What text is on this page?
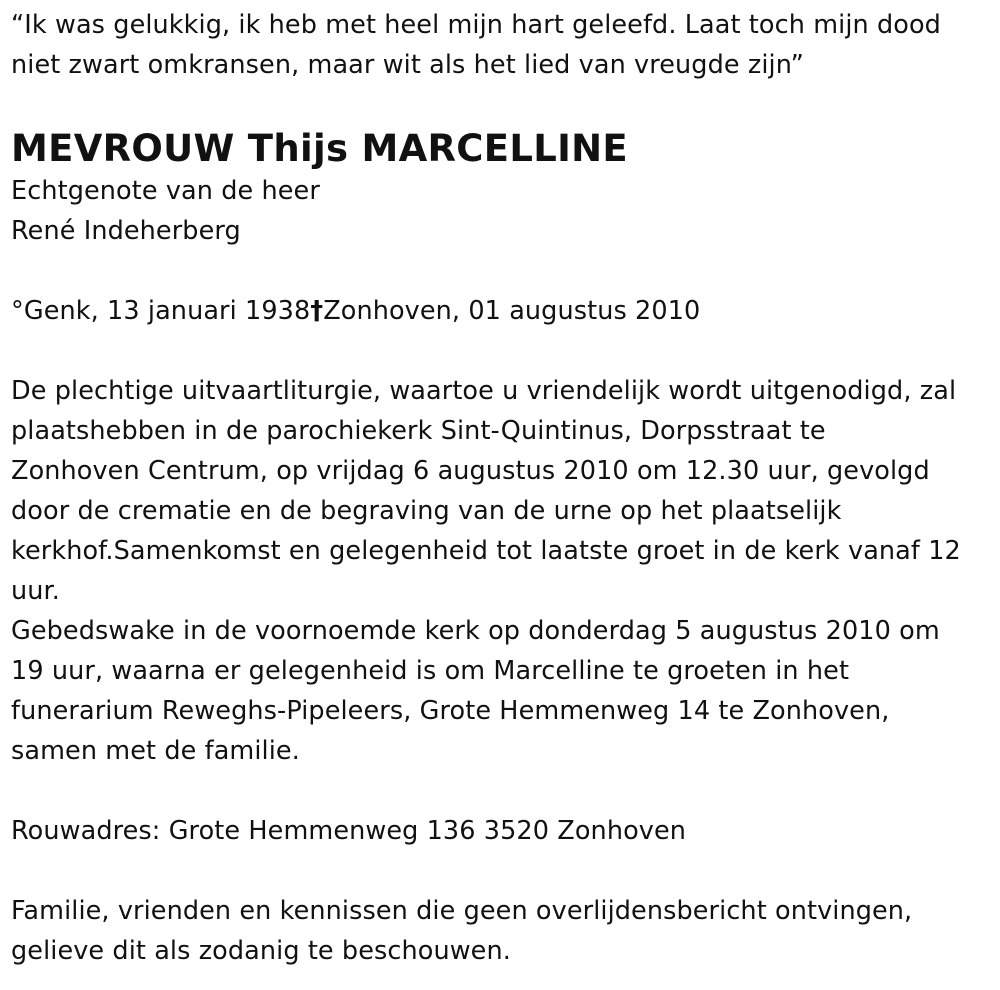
“Ik was gelukkig, ik heb met heel mijn hart geleefd. Laat toch mijn dood
niet zwart omkransen, maar wit als het lied van vreugde zijn”
MEVROUW Thijs MARCELLINE
Echtgenote van de heer
René Indeherberg
°Genk, 13 januari 1938†Zonhoven, 01 augustus 2010
De plechtige uitvaartliturgie, waartoe u vriendelijk wordt uitgenodigd, zal
plaatshebben in de parochiekerk Sint-Quintinus, Dorpsstraat te
Zonhoven Centrum, op vrijdag 6 augustus 2010 om 12.30 uur, gevolgd
door de crematie en de begraving van de urne op het plaatselijk
kerkhof.Samenkomst en gelegenheid tot laatste groet in de kerk vanaf 12
uur.
Gebedswake in de voornoemde kerk op donderdag 5 augustus 2010 om
19 uur, waarna er gelegenheid is om Marcelline te groeten in het
funerarium Reweghs-Pipeleers, Grote Hemmenweg 14 te Zonhoven,
samen met de familie.
Rouwadres: Grote Hemmenweg 136 3520 Zonhoven
Familie, vrienden en kennissen die geen overlijdensbericht ontvingen,
gelieve dit als zodanig te beschouwen.
